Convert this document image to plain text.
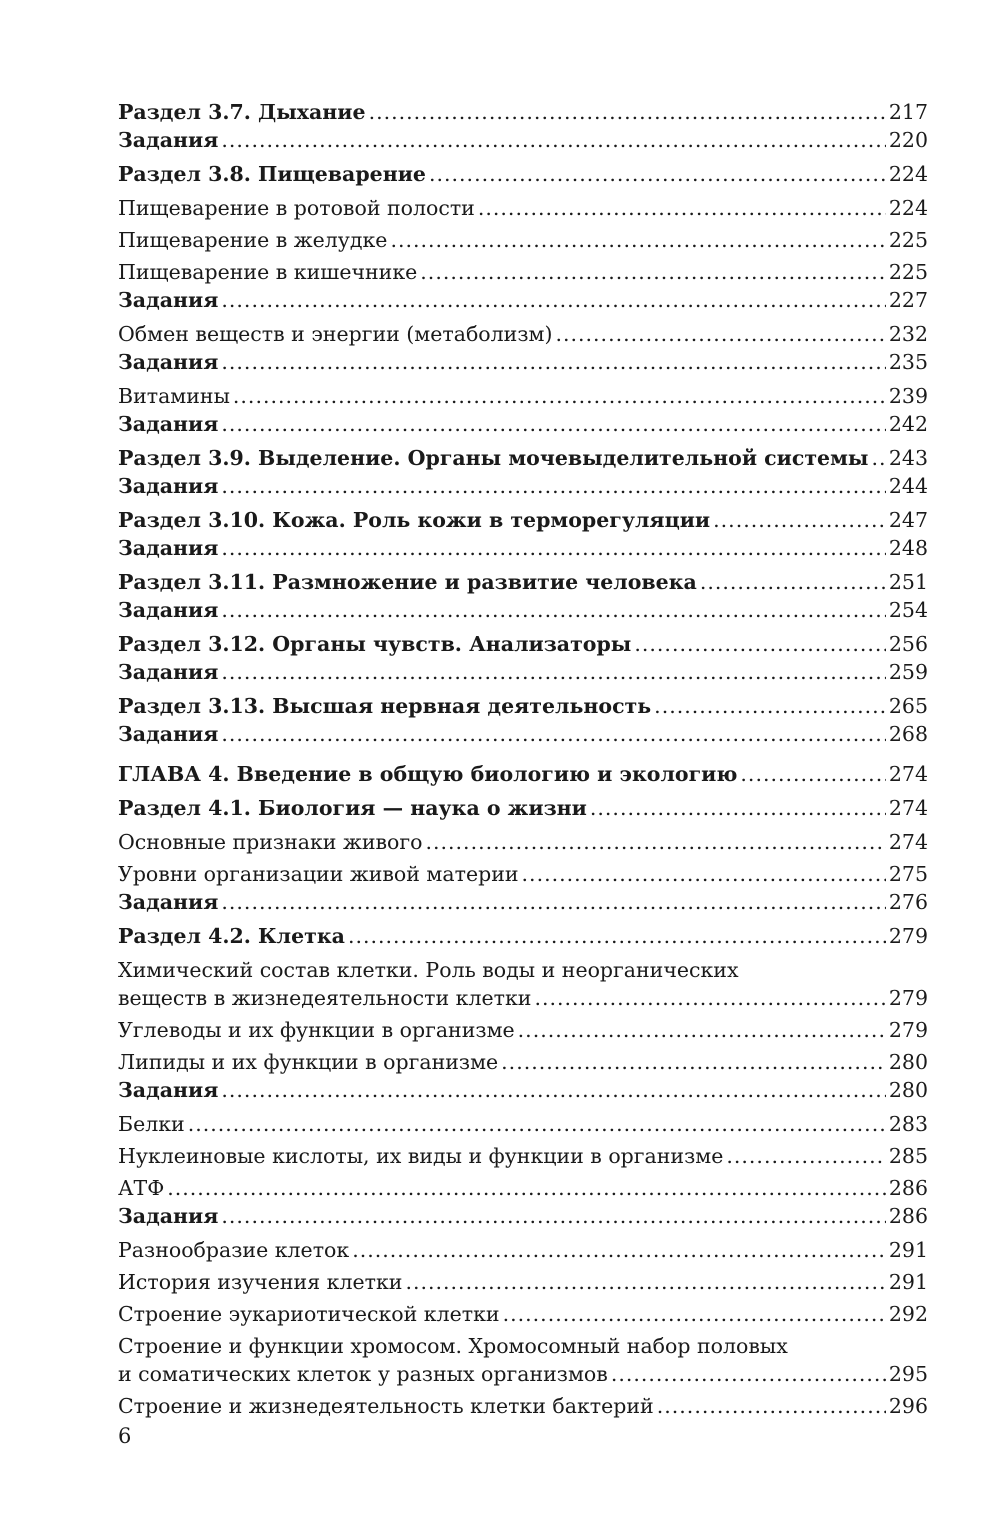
Раздел 3.7. Дыхание .....	217
Задания .....	220
Раздел 3.8. Пищеварение .....	224
Пищеварение в ротовой полости .....	224
Пищеварение в желудке .....	225
Пищеварение в кишечнике .....	225
Задания .....	227
Обмен веществ и энергии (метаболизм) .....	232
Задания .....	235
Витамины .....	239
Задания .....	242
Раздел 3.9. Выделение. Органы мочевыделительной системы ..... 243
Задания .....	244
Раздел 3.10. Кожа. Роль кожи в терморегуляции .....	247
Задания .....	248
Раздел 3.11. Размножение и развитие человека .....	251
Задания .....	254
Раздел 3.12. Органы чувств. Анализаторы .....	256
Задания .....	259
Раздел 3.13. Высшая нервная деятельность .....	265
Задания .....	268
ГЛАВА 4. Введение в общую биологию и экологию .....	274
Раздел 4.1. Биология — наука о жизни .....	274
Основные признаки живого .....	274
Уровни организации живой материи .....	275
Задания .....	276
Раздел 4.2. Клетка .....	279
Химический состав клетки. Роль воды и неорганических
веществ в жизнедеятельности клетки .....	279
Углеводы и их функции в организме .....	279
Липиды и их функции в организме .....	280
Задания .....	280
Белки .....	283
Нуклеиновые кислоты, их виды и функции в организме .....	285
АТФ .....	286
Задания .....	286
Разнообразие клеток .....	291
История изучения клетки .....	291
Строение эукариотической клетки .....	292
Строение и функции хромосом. Хромосомный набор половых
и соматических клеток у разных организмов .....	295
Строение и жизнедеятельность клетки бактерий .....	296
6
